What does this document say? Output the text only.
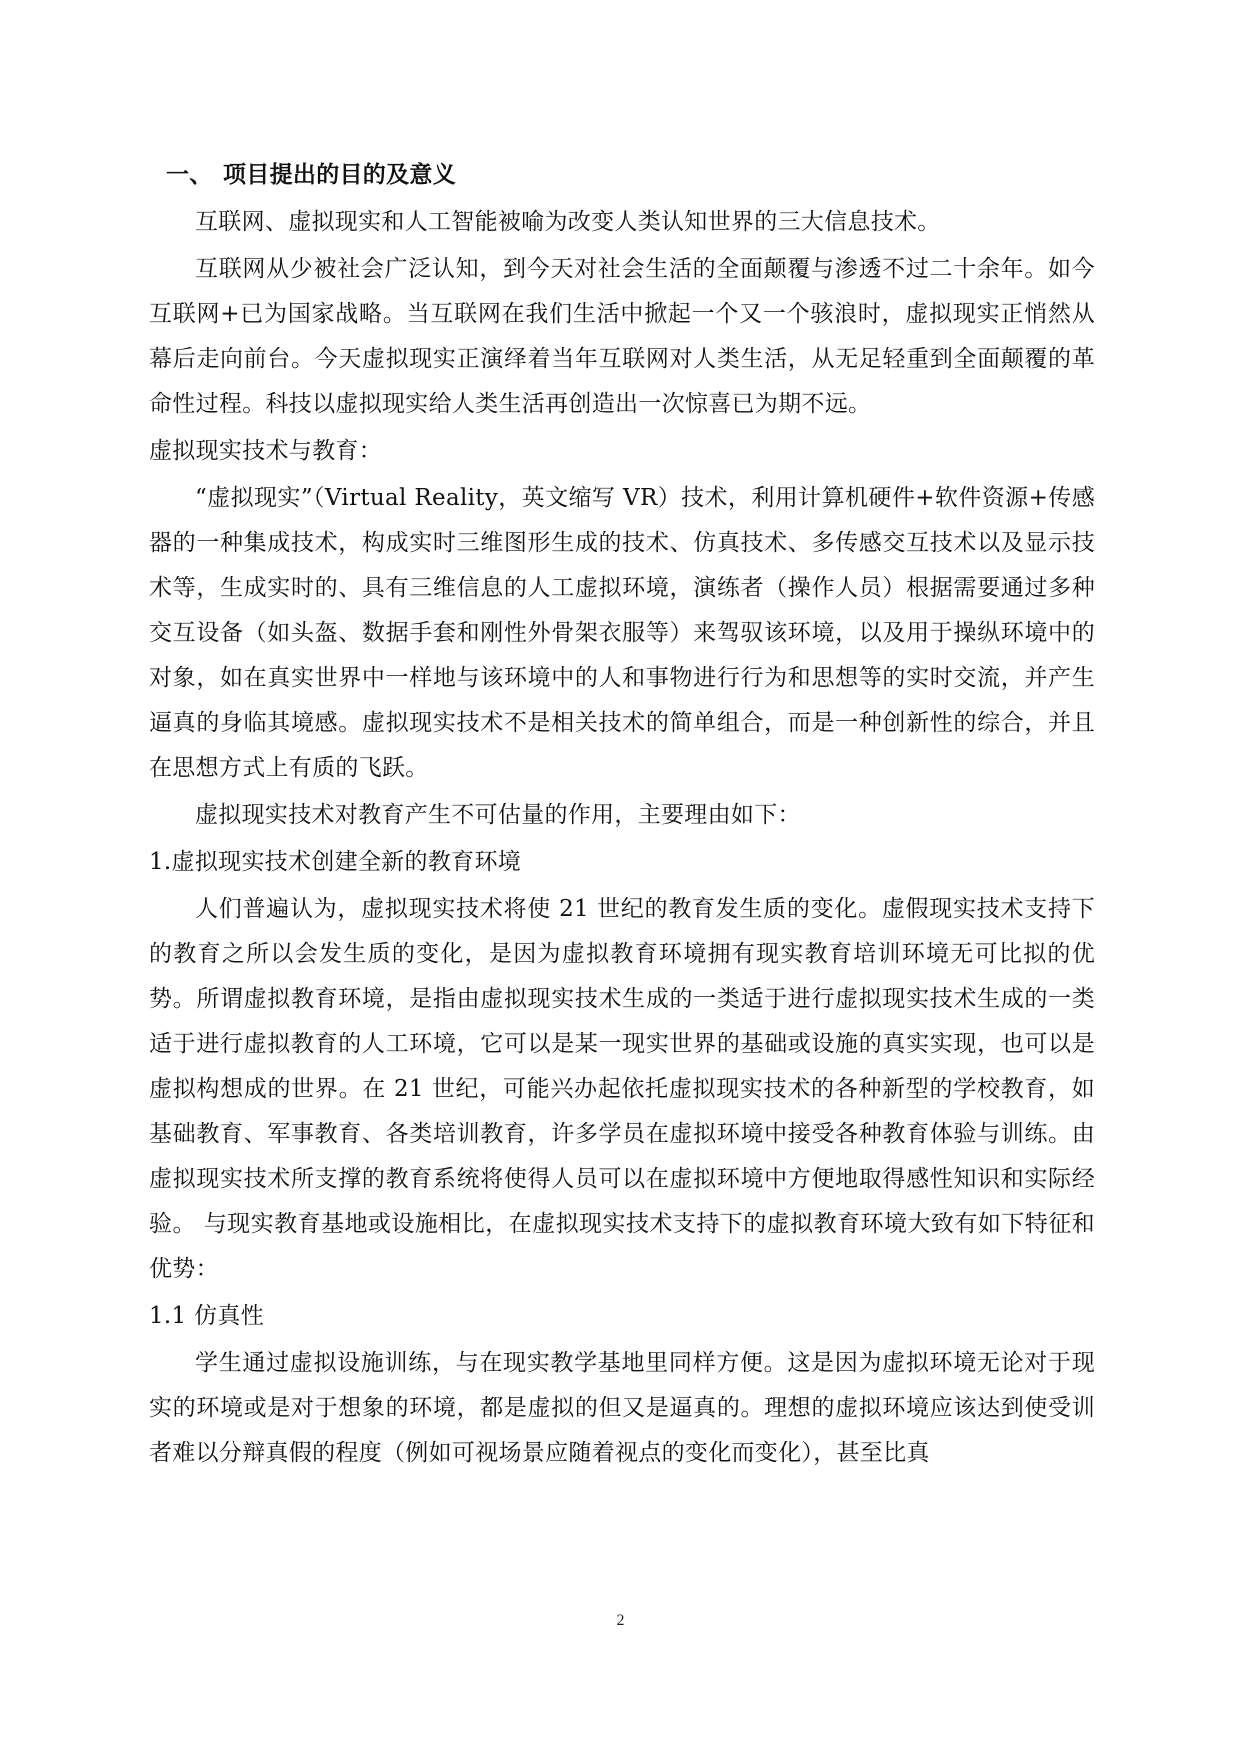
一、 项目提出的目的及意义

互联网、虚拟现实和人工智能被喻为改变人类认知世界的三大信息技术。

互联网从少被社会广泛认知，到今天对社会生活的全面颠覆与渗透不过二十余年。如今互联网+已为国家战略。当互联网在我们生活中掀起一个又一个骇浪时，虚拟现实正悄然从幕后走向前台。今天虚拟现实正演绎着当年互联网对人类生活，从无足轻重到全面颠覆的革命性过程。科技以虚拟现实给人类生活再创造出一次惊喜已为期不远。

虚拟现实技术与教育：

“虚拟现实”（Virtual Reality，英文缩写 VR）技术，利用计算机硬件+软件资源+传感器的一种集成技术，构成实时三维图形生成的技术、仿真技术、多传感交互技术以及显示技术等，生成实时的、具有三维信息的人工虚拟环境，演练者（操作人员）根据需要通过多种交互设备（如头盔、数据手套和刚性外骨架衣服等）来驾驭该环境，以及用于操纵环境中的对象，如在真实世界中一样地与该环境中的人和事物进行行为和思想等的实时交流，并产生逼真的身临其境感。虚拟现实技术不是相关技术的简单组合，而是一种创新性的综合，并且在思想方式上有质的飞跃。

虚拟现实技术对教育产生不可估量的作用，主要理由如下：

1.虚拟现实技术创建全新的教育环境

人们普遍认为，虚拟现实技术将使 21 世纪的教育发生质的变化。虚假现实技术支持下的教育之所以会发生质的变化，是因为虚拟教育环境拥有现实教育培训环境无可比拟的优势。所谓虚拟教育环境，是指由虚拟现实技术生成的一类适于进行虚拟现实技术生成的一类适于进行虚拟教育的人工环境，它可以是某一现实世界的基础或设施的真实实现，也可以是虚拟构想成的世界。在 21 世纪，可能兴办起依托虚拟现实技术的各种新型的学校教育，如基础教育、军事教育、各类培训教育，许多学员在虚拟环境中接受各种教育体验与训练。由虚拟现实技术所支撑的教育系统将使得人员可以在虚拟环境中方便地取得感性知识和实际经验。 与现实教育基地或设施相比，在虚拟现实技术支持下的虚拟教育环境大致有如下特征和优势：

1.1 仿真性

学生通过虚拟设施训练，与在现实教学基地里同样方便。这是因为虚拟环境无论对于现实的环境或是对于想象的环境，都是虚拟的但又是逼真的。理想的虚拟环境应该达到使受训者难以分辩真假的程度（例如可视场景应随着视点的变化而变化），甚至比真

2
